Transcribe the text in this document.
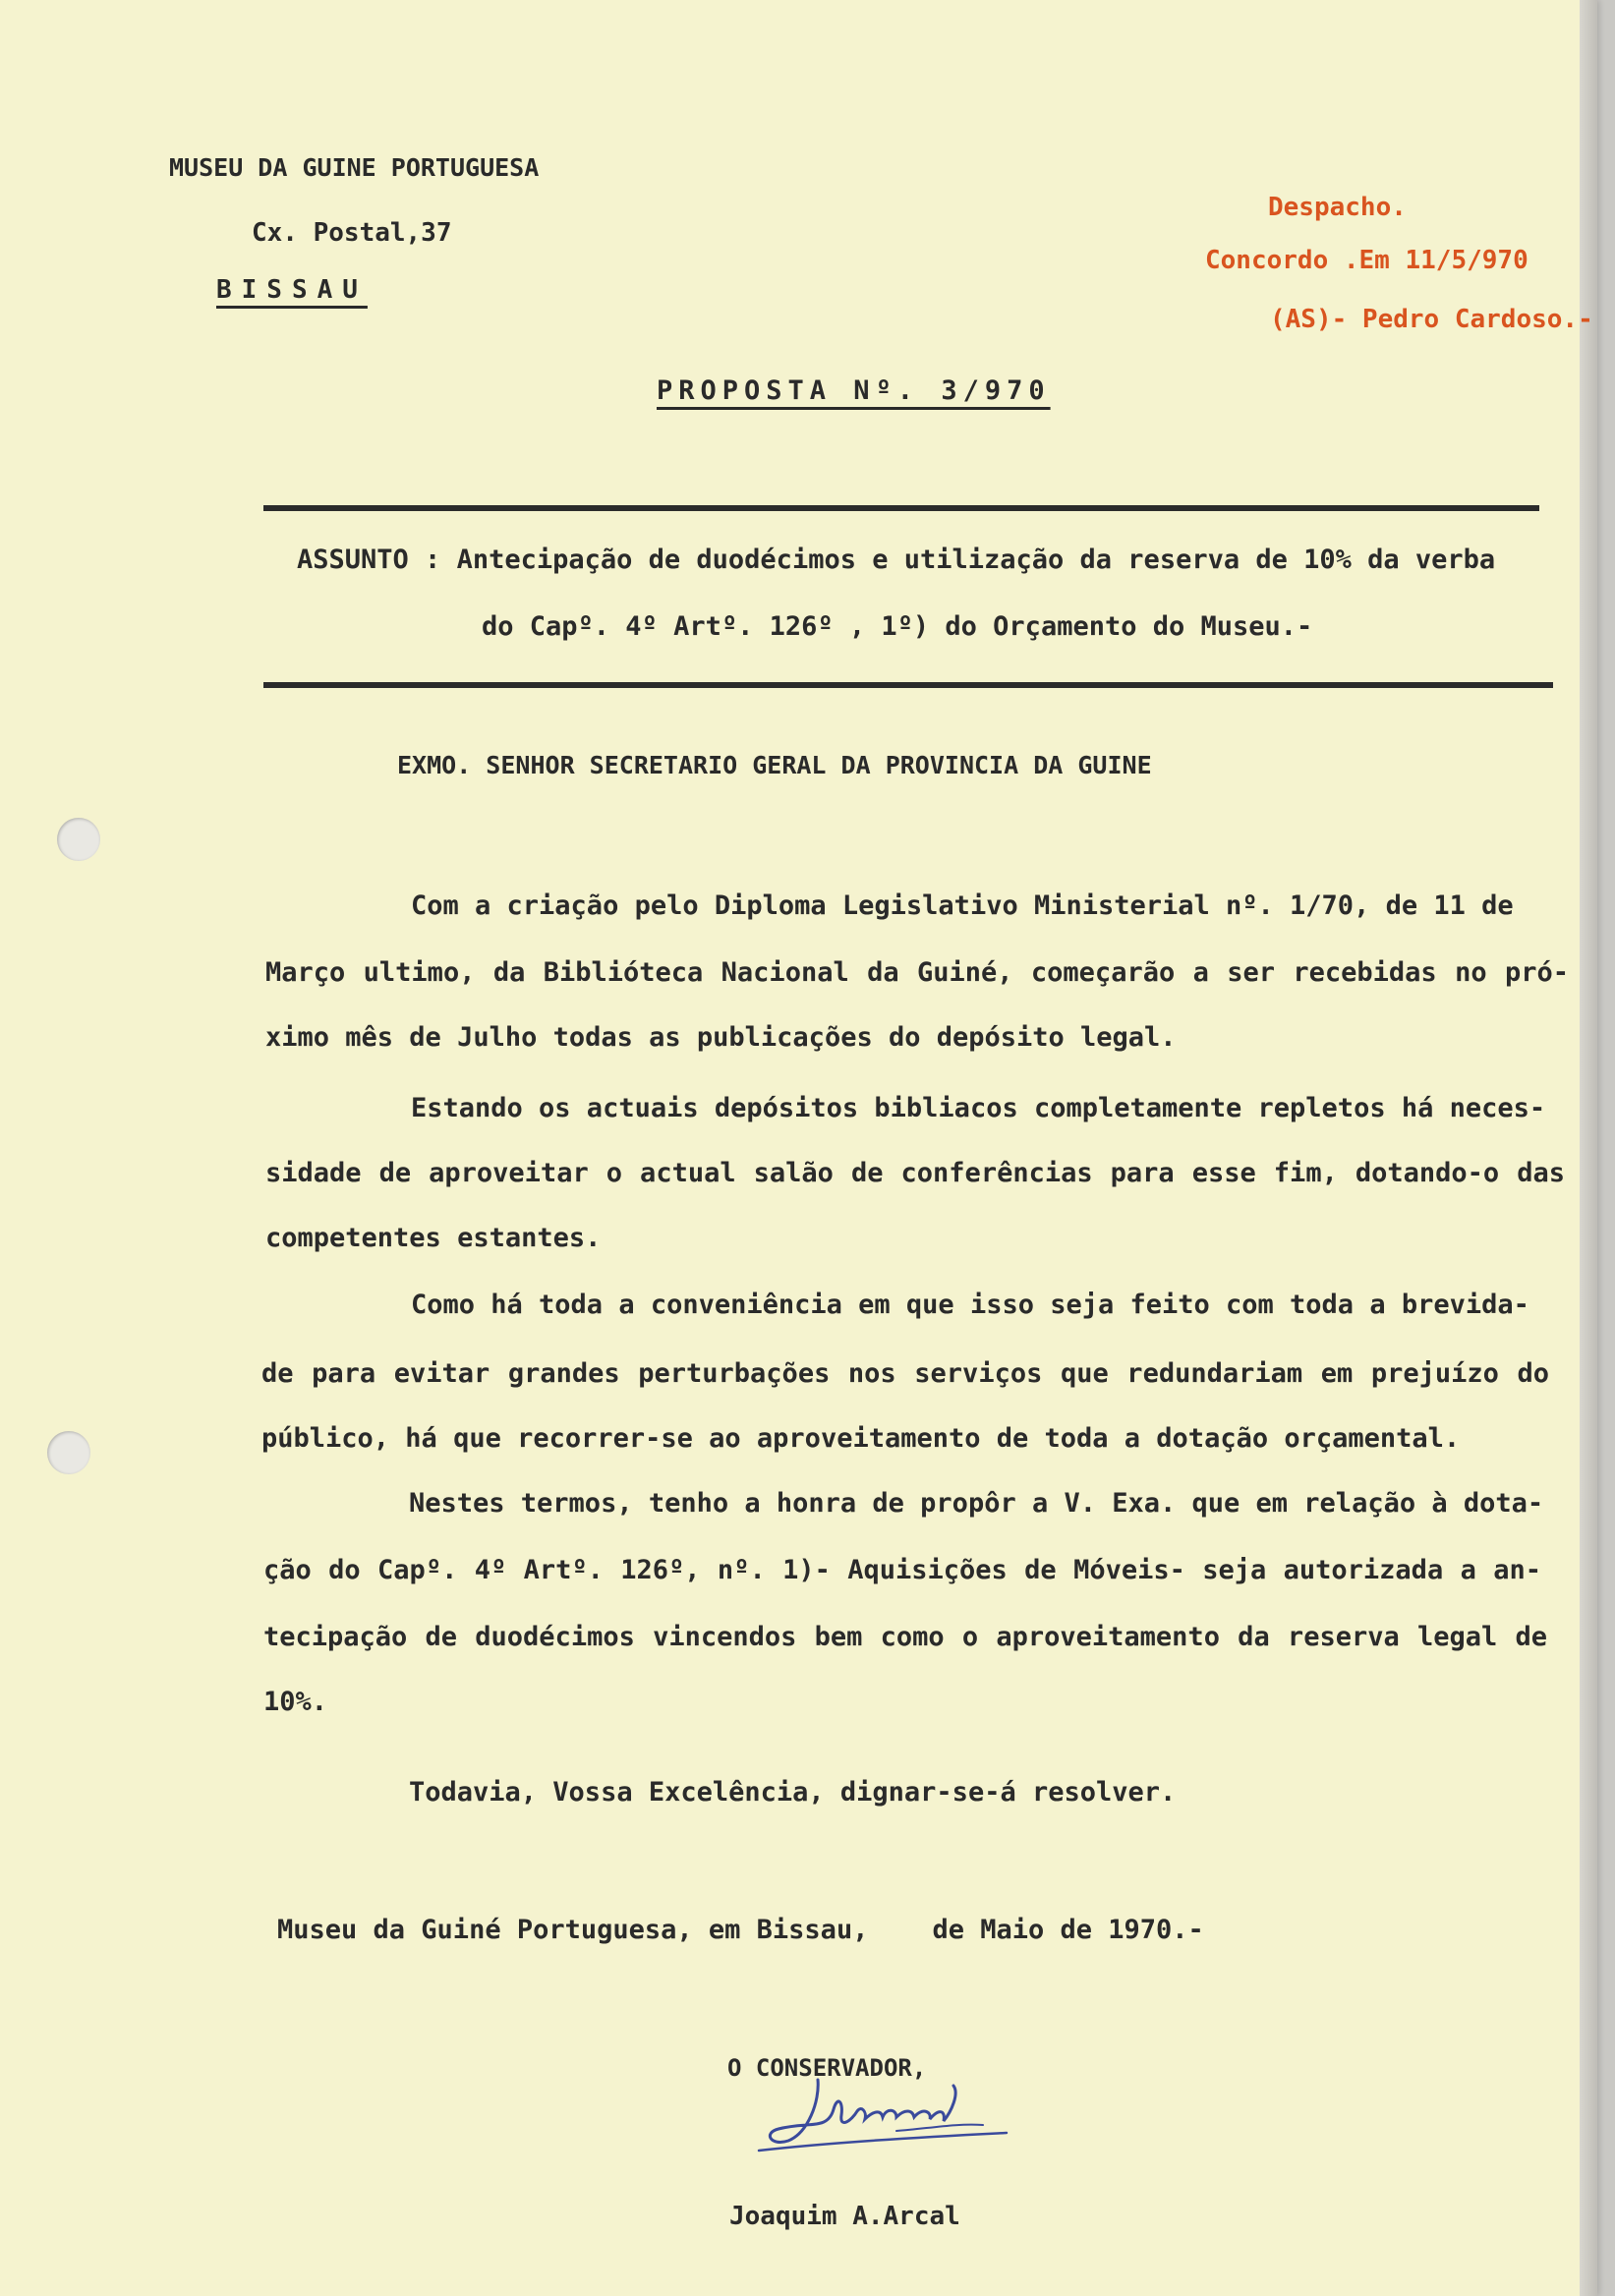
MUSEU DA GUINE PORTUGUESA
Cx. Postal,37
BISSAU
Despacho.
Concordo .Em 11/5/970
(AS)- Pedro Cardoso.-
PROPOSTA Nº. 3/970
ASSUNTO : Antecipação de duodécimos e utilização da reserva de 10% da verba
do Capº. 4º Artº. 126º , 1º) do Orçamento do Museu.-
EXMO. SENHOR SECRETARIO GERAL DA PROVINCIA DA GUINE
Com a criação pelo Diploma Legislativo Ministerial nº. 1/70, de 11 de
Março ultimo, da Biblióteca Nacional da Guiné, começarão a ser recebidas no pró-
ximo mês de Julho todas as publicações do depósito legal.
Estando os actuais depósitos bibliacos completamente repletos há neces-
sidade de aproveitar o actual salão de conferências para esse fim, dotando-o das
competentes estantes.
Como há toda a conveniência em que isso seja feito com toda a brevida-
de para evitar grandes perturbações nos serviços que redundariam em prejuízo do
público, há que recorrer-se ao aproveitamento de toda a dotação orçamental.
Nestes termos, tenho a honra de propôr a V. Exa. que em relação à dota-
ção do Capº. 4º Artº. 126º, nº. 1)- Aquisições de Móveis- seja autorizada a an-
tecipação de duodécimos vincendos bem como o aproveitamento da reserva legal de
10%.
Todavia, Vossa Excelência, dignar-se-á resolver.
Museu da Guiné Portuguesa, em Bissau,    de Maio de 1970.-
O CONSERVADOR,
Joaquim A.Arcal
